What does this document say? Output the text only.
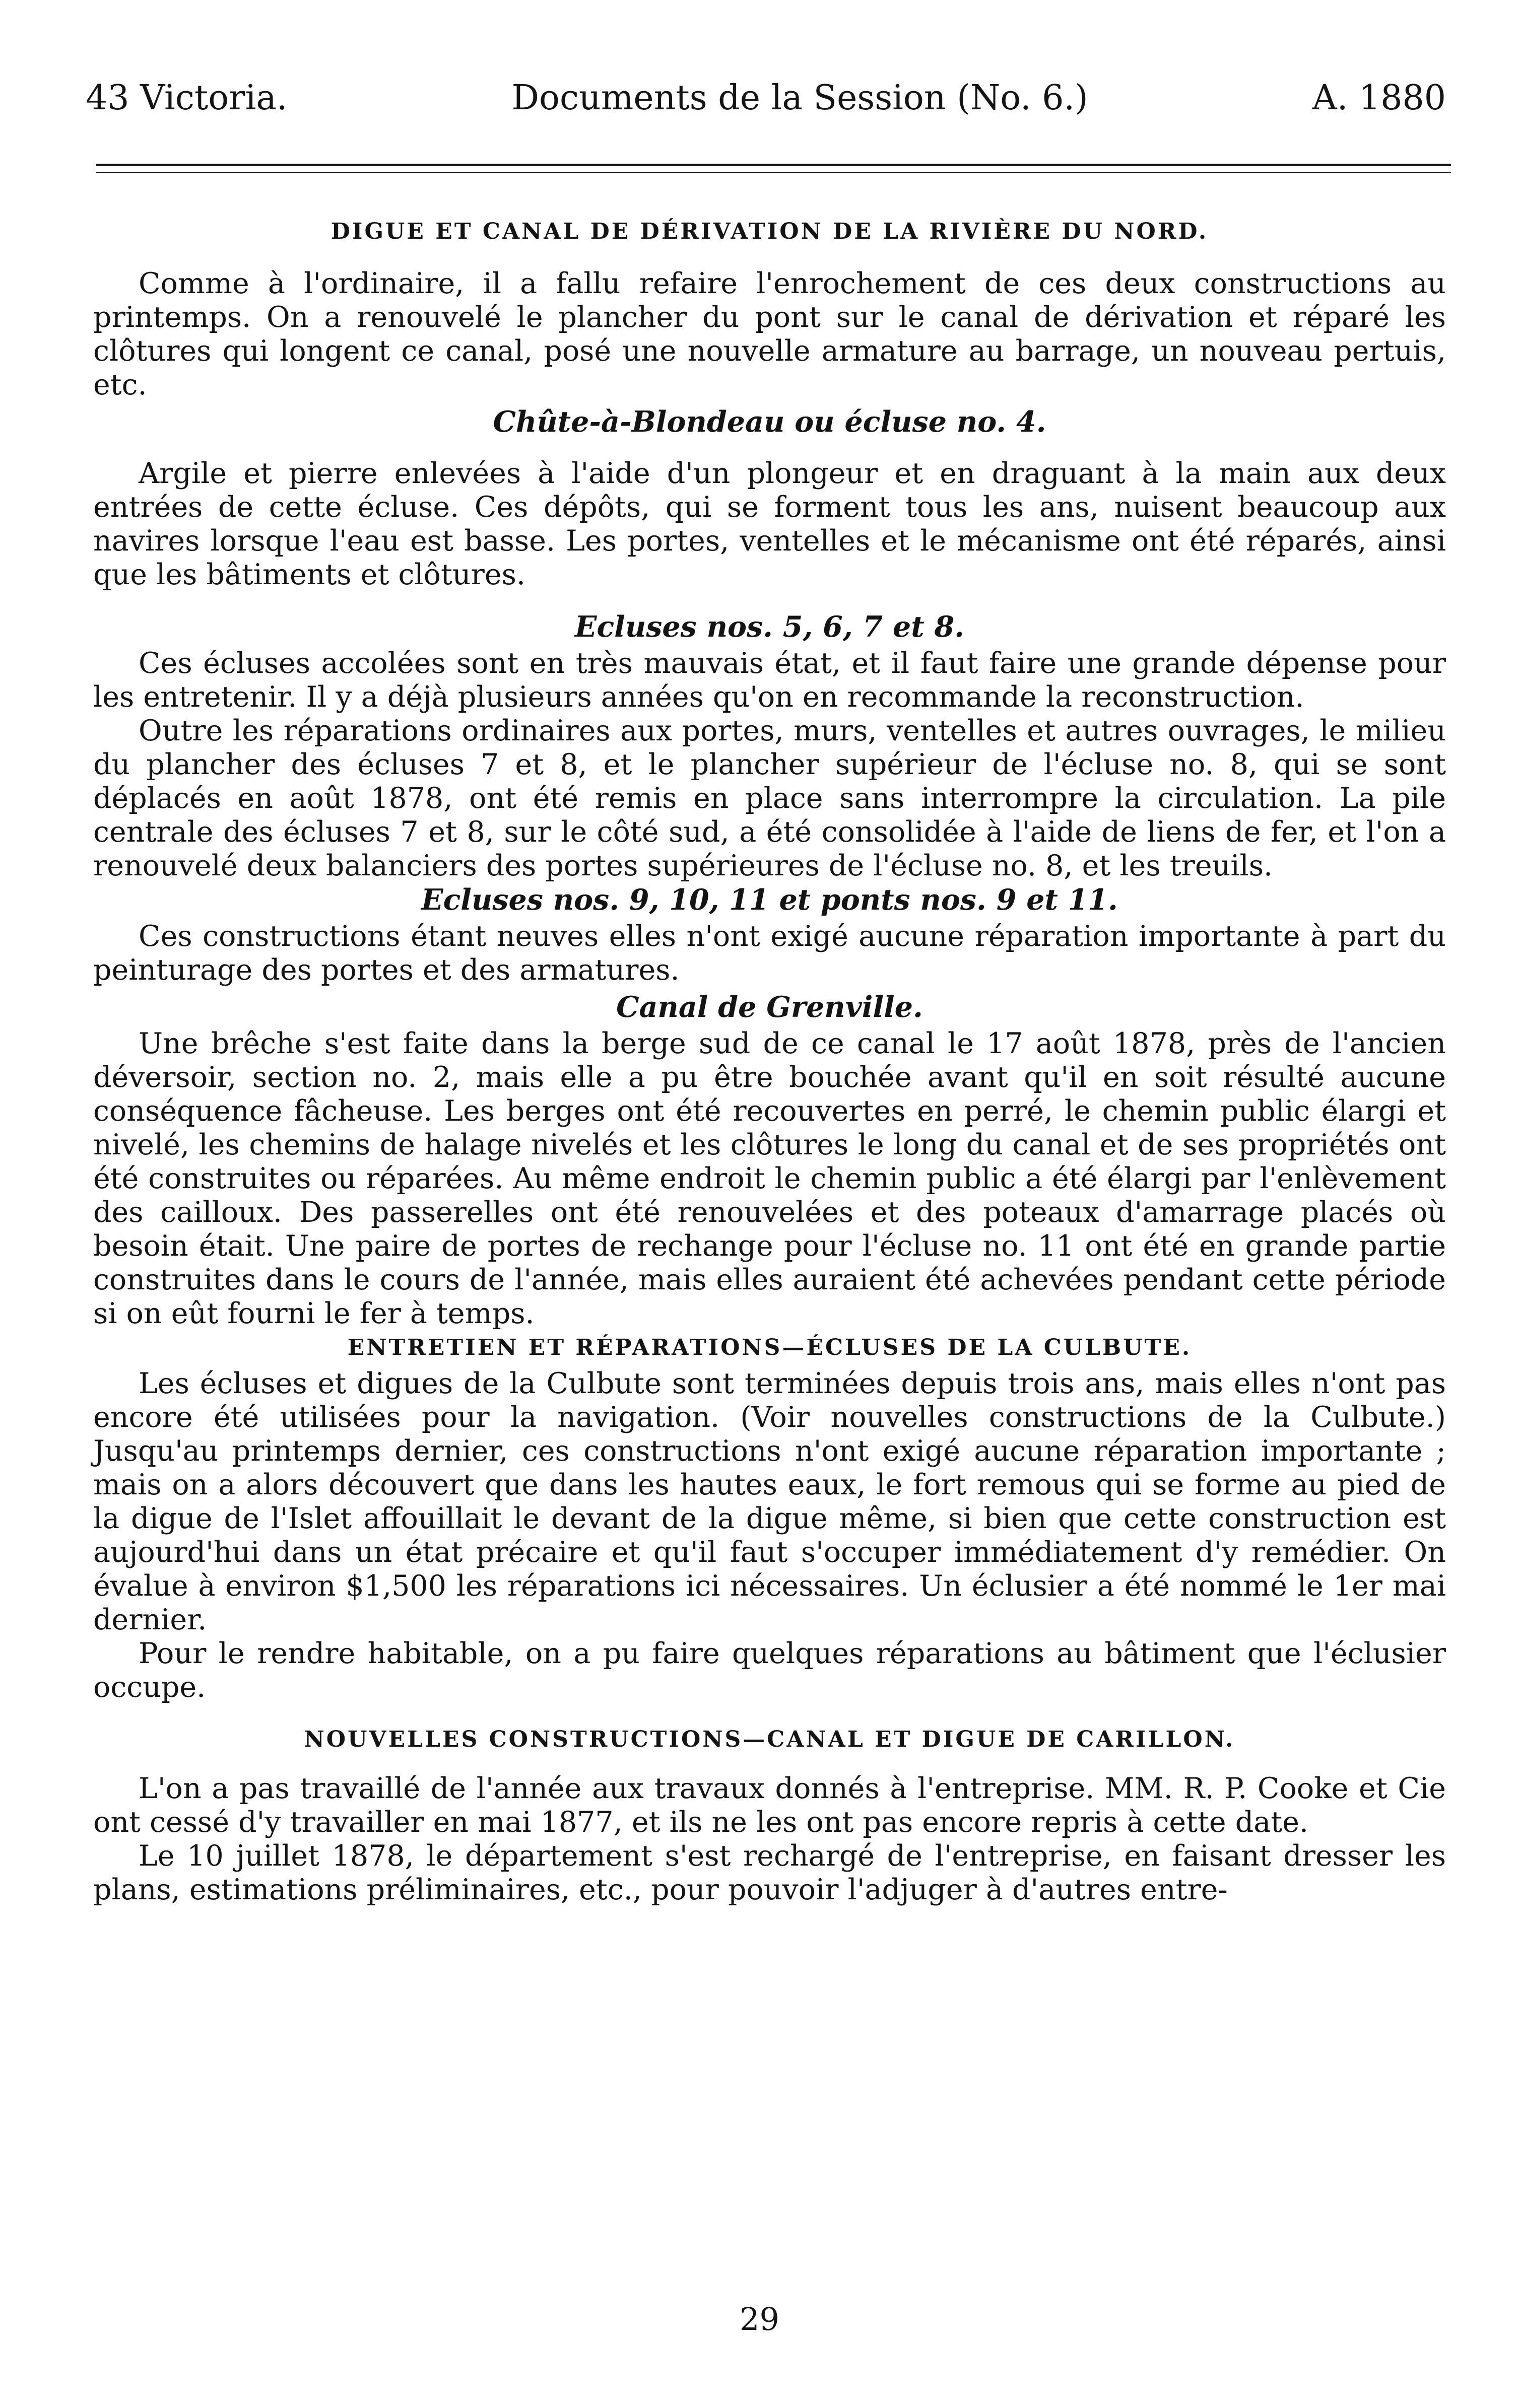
43 Victoria.	Documents de la Session (No. 6.)	A. 1880
DIGUE ET CANAL DE DÉRIVATION DE LA RIVIÈRE DU NORD.

Comme à l'ordinaire, il a fallu refaire l'enrochement de ces deux constructions au printemps. On a renouvelé le plancher du pont sur le canal de dérivation et réparé les clôtures qui longent ce canal, posé une nouvelle armature au barrage, un nouveau pertuis, etc.

Chûte-à-Blondeau ou écluse no. 4.

Argile et pierre enlevées à l'aide d'un plongeur et en draguant à la main aux deux entrées de cette écluse. Ces dépôts, qui se forment tous les ans, nuisent beaucoup aux navires lorsque l'eau est basse. Les portes, ventelles et le mécanisme ont été réparés, ainsi que les bâtiments et clôtures.

Ecluses nos. 5, 6, 7 et 8.

Ces écluses accolées sont en très mauvais état, et il faut faire une grande dépense pour les entretenir. Il y a déjà plusieurs années qu'on en recommande la reconstruction.

Outre les réparations ordinaires aux portes, murs, ventelles et autres ouvrages, le milieu du plancher des écluses 7 et 8, et le plancher supérieur de l'écluse no. 8, qui se sont déplacés en août 1878, ont été remis en place sans interrompre la circulation. La pile centrale des écluses 7 et 8, sur le côté sud, a été consolidée à l'aide de liens de fer, et l'on a renouvelé deux balanciers des portes supérieures de l'écluse no. 8, et les treuils.

Ecluses nos. 9, 10, 11 et ponts nos. 9 et 11.

Ces constructions étant neuves elles n'ont exigé aucune réparation importante à part du peinturage des portes et des armatures.

Canal de Grenville.

Une brêche s'est faite dans la berge sud de ce canal le 17 août 1878, près de l'ancien déversoir, section no. 2, mais elle a pu être bouchée avant qu'il en soit résulté aucune conséquence fâcheuse. Les berges ont été recouvertes en perré, le chemin public élargi et nivelé, les chemins de halage nivelés et les clôtures le long du canal et de ses propriétés ont été construites ou réparées. Au même endroit le chemin public a été élargi par l'enlèvement des cailloux. Des passerelles ont été renouvelées et des poteaux d'amarrage placés où besoin était. Une paire de portes de rechange pour l'écluse no. 11 ont été en grande partie construites dans le cours de l'année, mais elles auraient été achevées pendant cette période si on eût fourni le fer à temps.

ENTRETIEN ET RÉPARATIONS—ÉCLUSES DE LA CULBUTE.

Les écluses et digues de la Culbute sont terminées depuis trois ans, mais elles n'ont pas encore été utilisées pour la navigation. (Voir nouvelles constructions de la Culbute.) Jusqu'au printemps dernier, ces constructions n'ont exigé aucune réparation importante ; mais on a alors découvert que dans les hautes eaux, le fort remous qui se forme au pied de la digue de l'Islet affouillait le devant de la digue même, si bien que cette construction est aujourd'hui dans un état précaire et qu'il faut s'occuper immédiatement d'y remédier. On évalue à environ $1,500 les réparations ici nécessaires. Un éclusier a été nommé le 1er mai dernier.

Pour le rendre habitable, on a pu faire quelques réparations au bâtiment que l'éclusier occupe.

NOUVELLES CONSTRUCTIONS—CANAL ET DIGUE DE CARILLON.

L'on a pas travaillé de l'année aux travaux donnés à l'entreprise. MM. R. P. Cooke et Cie ont cessé d'y travailler en mai 1877, et ils ne les ont pas encore repris à cette date.

Le 10 juillet 1878, le département s'est rechargé de l'entreprise, en faisant dresser les plans, estimations préliminaires, etc., pour pouvoir l'adjuger à d'autres entre-

29
